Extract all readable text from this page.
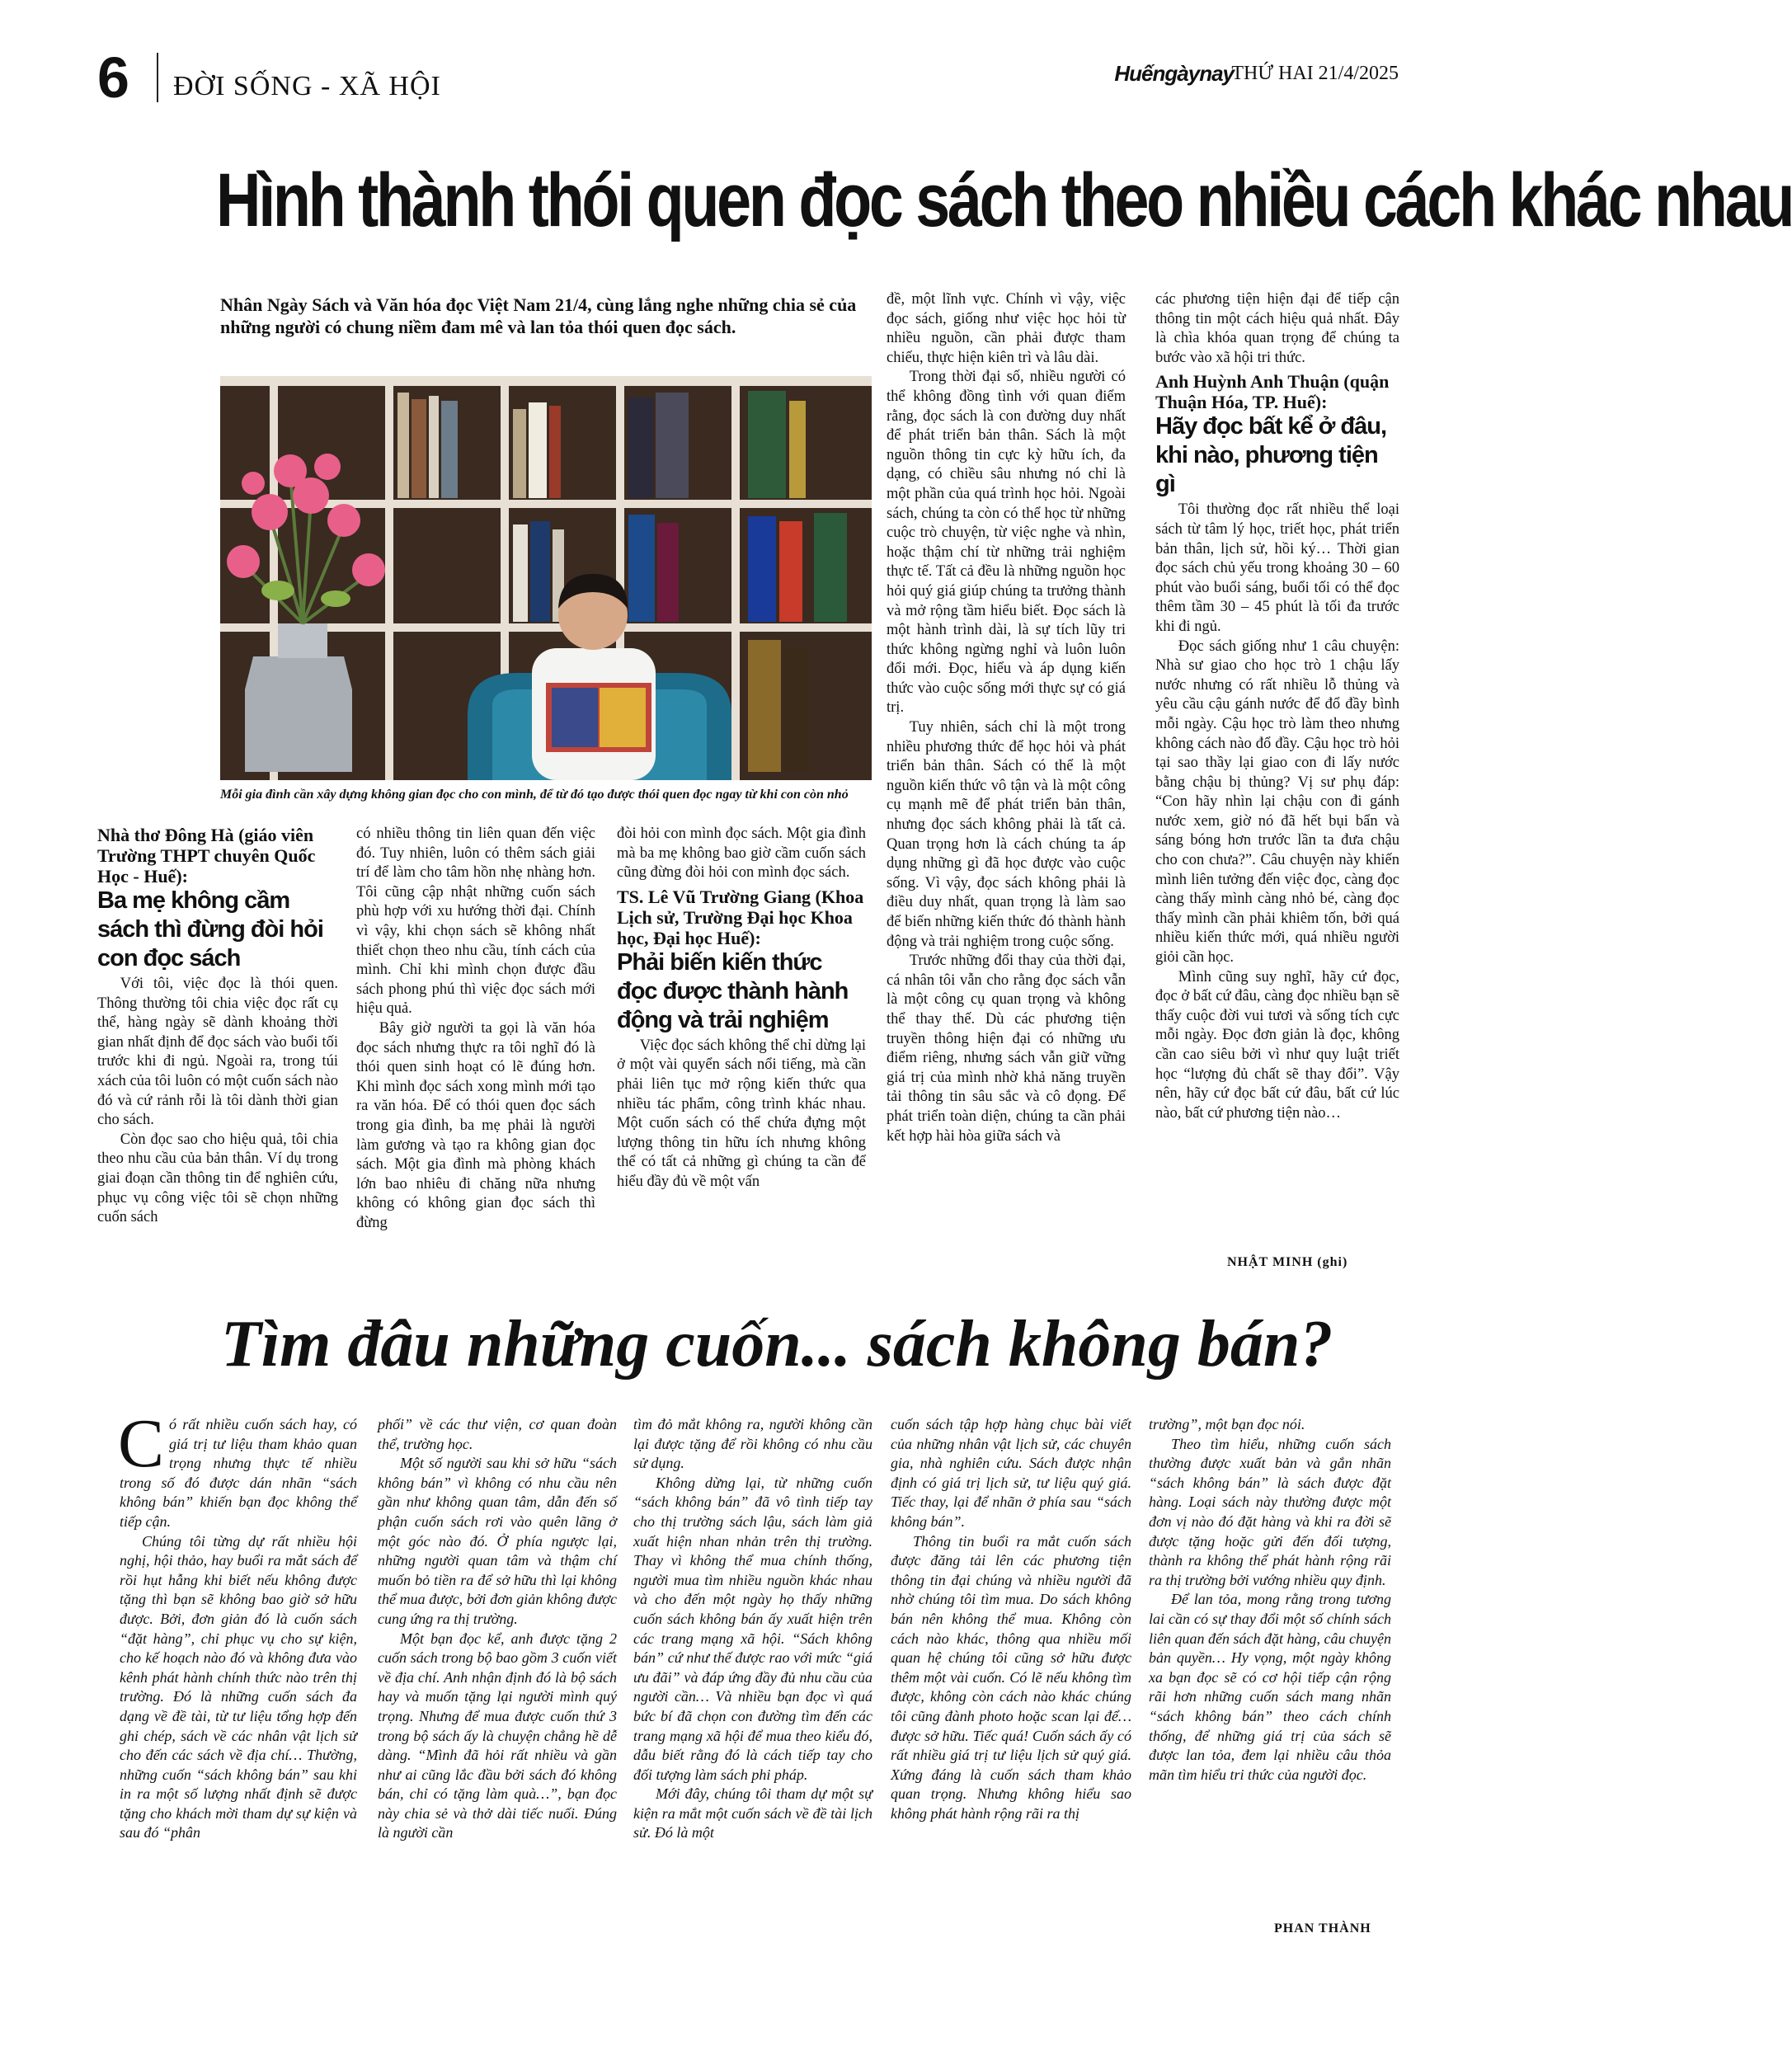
6 ĐỜI SỐNG - XÃ HỘI	Huếngàynay
THỨ HAI 21/4/2025
Hình thành thói quen đọc sách theo nhiều cách khác nhau
Nhân Ngày Sách và Văn hóa đọc Việt Nam 21/4, cùng lắng nghe những chia sẻ của những người có chung niềm đam mê và lan tỏa thói quen đọc sách.
Mỗi gia đình cần xây dựng không gian đọc cho con mình, để từ đó tạo được thói quen đọc ngay từ khi con còn nhỏ
Nhà thơ Đông Hà (giáo viên Trường THPT chuyên Quốc Học - Huế):
Ba mẹ không cầm sách thì đừng đòi hỏi con đọc sách

Với tôi, việc đọc là thói quen. Thông thường tôi chia việc đọc rất cụ thể, hàng ngày sẽ dành khoảng thời gian nhất định để đọc sách vào buổi tối trước khi đi ngủ. Ngoài ra, trong túi xách của tôi luôn có một cuốn sách nào đó và cứ rảnh rỗi là tôi dành thời gian cho sách.

Còn đọc sao cho hiệu quả, tôi chia theo nhu cầu của bản thân. Ví dụ trong giai đoạn cần thông tin để nghiên cứu, phục vụ công việc tôi sẽ chọn những cuốn sách

có nhiều thông tin liên quan đến việc đó. Tuy nhiên, luôn có thêm sách giải trí để làm cho tâm hồn nhẹ nhàng hơn. Tôi cũng cập nhật những cuốn sách phù hợp với xu hướng thời đại. Chính vì vậy, khi chọn sách sẽ không nhất thiết chọn theo nhu cầu, tính cách của mình. Chỉ khi mình chọn được đầu sách phong phú thì việc đọc sách mới hiệu quả.

Bây giờ người ta gọi là văn hóa đọc sách nhưng thực ra tôi nghĩ đó là thói quen sinh hoạt có lẽ đúng hơn. Khi mình đọc sách xong mình mới tạo ra văn hóa. Để có thói quen đọc sách trong gia đình, ba mẹ phải là người làm gương và tạo ra không gian đọc sách. Một gia đình mà phòng khách lớn bao nhiêu đi chăng nữa nhưng không có không gian đọc sách thì đừng

đòi hỏi con mình đọc sách. Một gia đình mà ba mẹ không bao giờ cầm cuốn sách cũng đừng đòi hỏi con mình đọc sách.

TS. Lê Vũ Trường Giang (Khoa Lịch sử, Trường Đại học Khoa học, Đại học Huế):
Phải biến kiến thức đọc được thành hành động và trải nghiệm

Việc đọc sách không thể chỉ dừng lại ở một vài quyển sách nổi tiếng, mà cần phải liên tục mở rộng kiến thức qua nhiều tác phẩm, công trình khác nhau. Một cuốn sách có thể chứa đựng một lượng thông tin hữu ích nhưng không thể có tất cả những gì chúng ta cần để hiểu đầy đủ về một vấn

đề, một lĩnh vực. Chính vì vậy, việc đọc sách, giống như việc học hỏi từ nhiều nguồn, cần phải được tham chiếu, thực hiện kiên trì và lâu dài.

Trong thời đại số, nhiều người có thể không đồng tình với quan điểm rằng, đọc sách là con đường duy nhất để phát triển bản thân. Sách là một nguồn thông tin cực kỳ hữu ích, đa dạng, có chiều sâu nhưng nó chỉ là một phần của quá trình học hỏi. Ngoài sách, chúng ta còn có thể học từ những cuộc trò chuyện, từ việc nghe và nhìn, hoặc thậm chí từ những trải nghiệm thực tế. Tất cả đều là những nguồn học hỏi quý giá giúp chúng ta trưởng thành và mở rộng tầm hiểu biết. Đọc sách là một hành trình dài, là sự tích lũy tri thức không ngừng nghỉ và luôn luôn đổi mới. Đọc, hiểu và áp dụng kiến thức vào cuộc sống mới thực sự có giá trị.

Tuy nhiên, sách chỉ là một trong nhiều phương thức để học hỏi và phát triển bản thân. Sách có thể là một nguồn kiến thức vô tận và là một công cụ mạnh mẽ để phát triển bản thân, nhưng đọc sách không phải là tất cả. Quan trọng hơn là cách chúng ta áp dụng những gì đã học được vào cuộc sống. Vì vậy, đọc sách không phải là điều duy nhất, quan trọng là làm sao để biến những kiến thức đó thành hành động và trải nghiệm trong cuộc sống.

Trước những đổi thay của thời đại, cá nhân tôi vẫn cho rằng đọc sách vẫn là một công cụ quan trọng và không thể thay thế. Dù các phương tiện truyền thông hiện đại có những ưu điểm riêng, nhưng sách vẫn giữ vững giá trị của mình nhờ khả năng truyền tải thông tin sâu sắc và cô đọng. Để phát triển toàn diện, chúng ta cần phải kết hợp hài hòa giữa sách và

các phương tiện hiện đại để tiếp cận thông tin một cách hiệu quả nhất. Đây là chìa khóa quan trọng để chúng ta bước vào xã hội tri thức.

Anh Huỳnh Anh Thuận (quận Thuận Hóa, TP. Huế):
Hãy đọc bất kể ở đâu, khi nào, phương tiện gì

Tôi thường đọc rất nhiều thể loại sách từ tâm lý học, triết học, phát triển bản thân, lịch sử, hồi ký… Thời gian đọc sách chủ yếu trong khoảng 30 – 60 phút vào buổi sáng, buổi tối có thể đọc thêm tầm 30 – 45 phút là tối đa trước khi đi ngủ.

Đọc sách giống như 1 câu chuyện: Nhà sư giao cho học trò 1 chậu lấy nước nhưng có rất nhiều lỗ thủng và yêu cầu cậu gánh nước để đổ đầy bình mỗi ngày. Cậu học trò làm theo nhưng không cách nào đổ đầy. Cậu học trò hỏi tại sao thầy lại giao con đi lấy nước bằng chậu bị thủng? Vị sư phụ đáp: “Con hãy nhìn lại chậu con đi gánh nước xem, giờ nó đã hết bụi bẩn và sáng bóng hơn trước lần ta đưa chậu cho con chưa?”. Câu chuyện này khiến mình liên tưởng đến việc đọc, càng đọc càng thấy mình càng nhỏ bé, càng đọc thấy mình cần phải khiêm tốn, bởi quá nhiều kiến thức mới, quá nhiều người giỏi cần học.

Mình cũng suy nghĩ, hãy cứ đọc, đọc ở bất cứ đâu, càng đọc nhiều bạn sẽ thấy cuộc đời vui tươi và sống tích cực mỗi ngày. Đọc đơn giản là đọc, không cần cao siêu bởi vì như quy luật triết học “lượng đủ chất sẽ thay đổi”. Vậy nên, hãy cứ đọc bất cứ đâu, bất cứ lúc nào, bất cứ phương tiện nào…

NHẬT MINH (ghi)
Tìm đâu những cuốn... sách không bán?

Có rất nhiều cuốn sách hay, có giá trị tư liệu tham khảo quan trọng nhưng thực tế nhiều trong số đó được dán nhãn “sách không bán” khiến bạn đọc không thể tiếp cận.

Chúng tôi từng dự rất nhiều hội nghị, hội thảo, hay buổi ra mắt sách để rồi hụt hẫng khi biết nếu không được tặng thì bạn sẽ không bao giờ sở hữu được. Bởi, đơn giản đó là cuốn sách “đặt hàng”, chỉ phục vụ cho sự kiện, cho kế hoạch nào đó và không đưa vào kênh phát hành chính thức nào trên thị trường. Đó là những cuốn sách đa dạng về đề tài, từ tư liệu tổng hợp đến ghi chép, sách về các nhân vật lịch sử cho đến các sách về địa chí… Thường, những cuốn “sách không bán” sau khi in ra một số lượng nhất định sẽ được tặng cho khách mời tham dự sự kiện và sau đó “phân

phối” về các thư viện, cơ quan đoàn thể, trường học.

Một số người sau khi sở hữu “sách không bán” vì không có nhu cầu nên gần như không quan tâm, dẫn đến số phận cuốn sách rơi vào quên lãng ở một góc nào đó. Ở phía ngược lại, những người quan tâm và thậm chí muốn bỏ tiền ra để sở hữu thì lại không thể mua được, bởi đơn giản không được cung ứng ra thị trường.

Một bạn đọc kể, anh được tặng 2 cuốn sách trong bộ bao gồm 3 cuốn viết về địa chí. Anh nhận định đó là bộ sách hay và muốn tặng lại người mình quý trọng. Nhưng để mua được cuốn thứ 3 trong bộ sách ấy là chuyện chẳng hề dễ dàng. “Mình đã hỏi rất nhiều và gần như ai cũng lắc đầu bởi sách đó không bán, chỉ có tặng làm quà…”, bạn đọc này chia sẻ và thở dài tiếc nuối. Đúng là người cần

tìm đỏ mắt không ra, người không cần lại được tặng để rồi không có nhu cầu sử dụng.

Không dừng lại, từ những cuốn “sách không bán” đã vô tình tiếp tay cho thị trường sách lậu, sách làm giả xuất hiện nhan nhản trên thị trường. Thay vì không thể mua chính thống, người mua tìm nhiều nguồn khác nhau và cho đến một ngày họ thấy những cuốn sách không bán ấy xuất hiện trên các trang mạng xã hội. “Sách không bán” cứ như thế được rao với mức “giá ưu đãi” và đáp ứng đầy đủ nhu cầu của người cần… Và nhiều bạn đọc vì quá bức bí đã chọn con đường tìm đến các trang mạng xã hội để mua theo kiểu đó, dẫu biết rằng đó là cách tiếp tay cho đối tượng làm sách phi pháp.

Mới đây, chúng tôi tham dự một sự kiện ra mắt một cuốn sách về đề tài lịch sử. Đó là một

cuốn sách tập hợp hàng chục bài viết của những nhân vật lịch sử, các chuyên gia, nhà nghiên cứu. Sách được nhận định có giá trị lịch sử, tư liệu quý giá. Tiếc thay, lại để nhãn ở phía sau “sách không bán”.

Thông tin buổi ra mắt cuốn sách được đăng tải lên các phương tiện thông tin đại chúng và nhiều người đã nhờ chúng tôi tìm mua. Do sách không bán nên không thể mua. Không còn cách nào khác, thông qua nhiều mối quan hệ chúng tôi cũng sở hữu được thêm một vài cuốn. Có lẽ nếu không tìm được, không còn cách nào khác chúng tôi cũng đành photo hoặc scan lại để… được sở hữu. Tiếc quá! Cuốn sách ấy có rất nhiều giá trị tư liệu lịch sử quý giá. Xứng đáng là cuốn sách tham khảo quan trọng. Nhưng không hiểu sao không phát hành rộng rãi ra thị

trường”, một bạn đọc nói.

Theo tìm hiểu, những cuốn sách thường được xuất bản và gắn nhãn “sách không bán” là sách được đặt hàng. Loại sách này thường được một đơn vị nào đó đặt hàng và khi ra đời sẽ được tặng hoặc gửi đến đối tượng, thành ra không thể phát hành rộng rãi ra thị trường bởi vướng nhiều quy định.

Để lan tỏa, mong rằng trong tương lai cần có sự thay đổi một số chính sách liên quan đến sách đặt hàng, câu chuyện bản quyền… Hy vọng, một ngày không xa bạn đọc sẽ có cơ hội tiếp cận rộng rãi hơn những cuốn sách mang nhãn “sách không bán” theo cách chính thống, để những giá trị của sách sẽ được lan tỏa, đem lại nhiều câu thỏa mãn tìm hiểu tri thức của người đọc.

PHAN THÀNH
